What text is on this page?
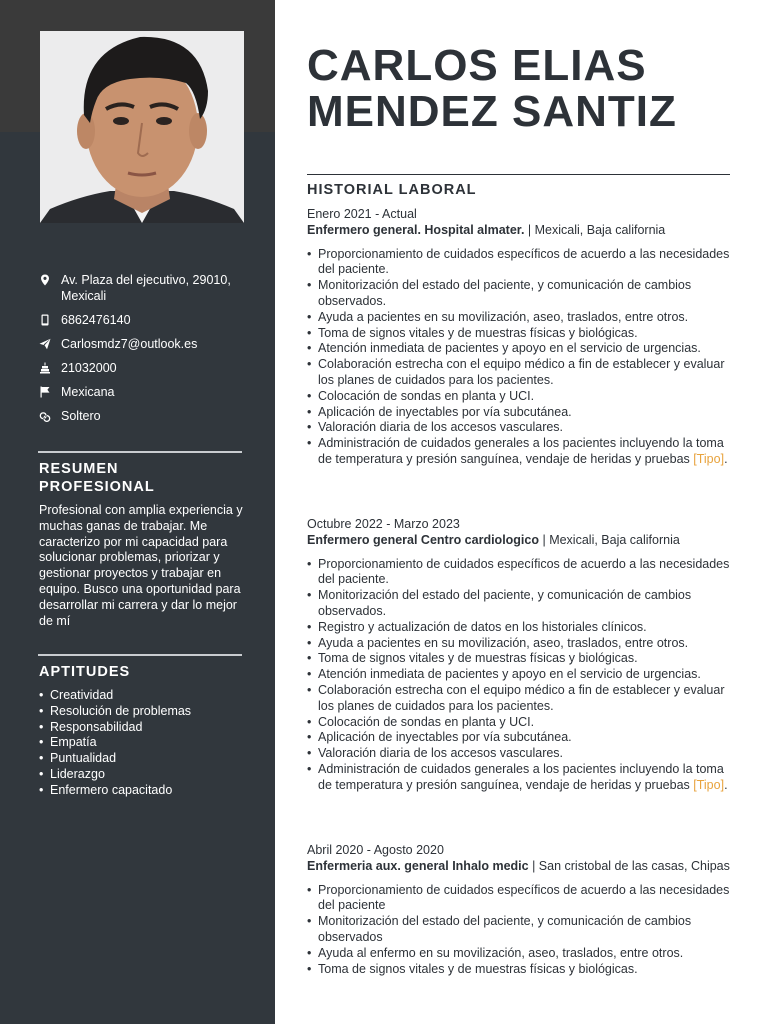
Av. Plaza del ejecutivo, 29010, Mexicali
6862476140
Carlosmdz7@outlook.es
21032000
Mexicana
Soltero
RESUMEN
PROFESIONAL

Profesional con amplia experiencia y muchas ganas de trabajar. Me caracterizo por mi capacidad para solucionar problemas, priorizar y gestionar proyectos y trabajar en equipo. Busco una oportunidad para desarrollar mi carrera y dar lo mejor de mí

APTITUDES
• Creatividad
• Resolución de problemas
• Responsabilidad
• Empatía
• Puntualidad
• Liderazgo
• Enfermero capacitado
CARLOS ELIAS
MENDEZ SANTIZ
HISTORIAL LABORAL
Enero 2021 - Actual
Enfermero general. Hospital almater. | Mexicali, Baja california
• Proporcionamiento de cuidados específicos de acuerdo a las necesidades del paciente.
• Monitorización del estado del paciente, y comunicación de cambios observados.
• Ayuda a pacientes en su movilización, aseo, traslados, entre otros.
• Toma de signos vitales y de muestras físicas y biológicas.
• Atención inmediata de pacientes y apoyo en el servicio de urgencias.
• Colaboración estrecha con el equipo médico a fin de establecer y evaluar los planes de cuidados para los pacientes.
• Colocación de sondas en planta y UCI.
• Aplicación de inyectables por vía subcutánea.
• Valoración diaria de los accesos vasculares.
• Administración de cuidados generales a los pacientes incluyendo la toma de temperatura y presión sanguínea, vendaje de heridas y pruebas [Tipo].
Octubre 2022 - Marzo 2023
Enfermero general Centro cardiologico | Mexicali, Baja california
• Proporcionamiento de cuidados específicos de acuerdo a las necesidades del paciente.
• Monitorización del estado del paciente, y comunicación de cambios observados.
• Registro y actualización de datos en los historiales clínicos.
• Ayuda a pacientes en su movilización, aseo, traslados, entre otros.
• Toma de signos vitales y de muestras físicas y biológicas.
• Atención inmediata de pacientes y apoyo en el servicio de urgencias.
• Colaboración estrecha con el equipo médico a fin de establecer y evaluar los planes de cuidados para los pacientes.
• Colocación de sondas en planta y UCI.
• Aplicación de inyectables por vía subcutánea.
• Valoración diaria de los accesos vasculares.
• Administración de cuidados generales a los pacientes incluyendo la toma de temperatura y presión sanguínea, vendaje de heridas y pruebas [Tipo].
Abril 2020 - Agosto 2020
Enfermeria aux. general Inhalo medic | San cristobal de las casas, Chipas
• Proporcionamiento de cuidados específicos de acuerdo a las necesidades del paciente
• Monitorización del estado del paciente, y comunicación de cambios observados
• Ayuda al enfermo en su movilización, aseo, traslados, entre otros.
• Toma de signos vitales y de muestras físicas y biológicas.
